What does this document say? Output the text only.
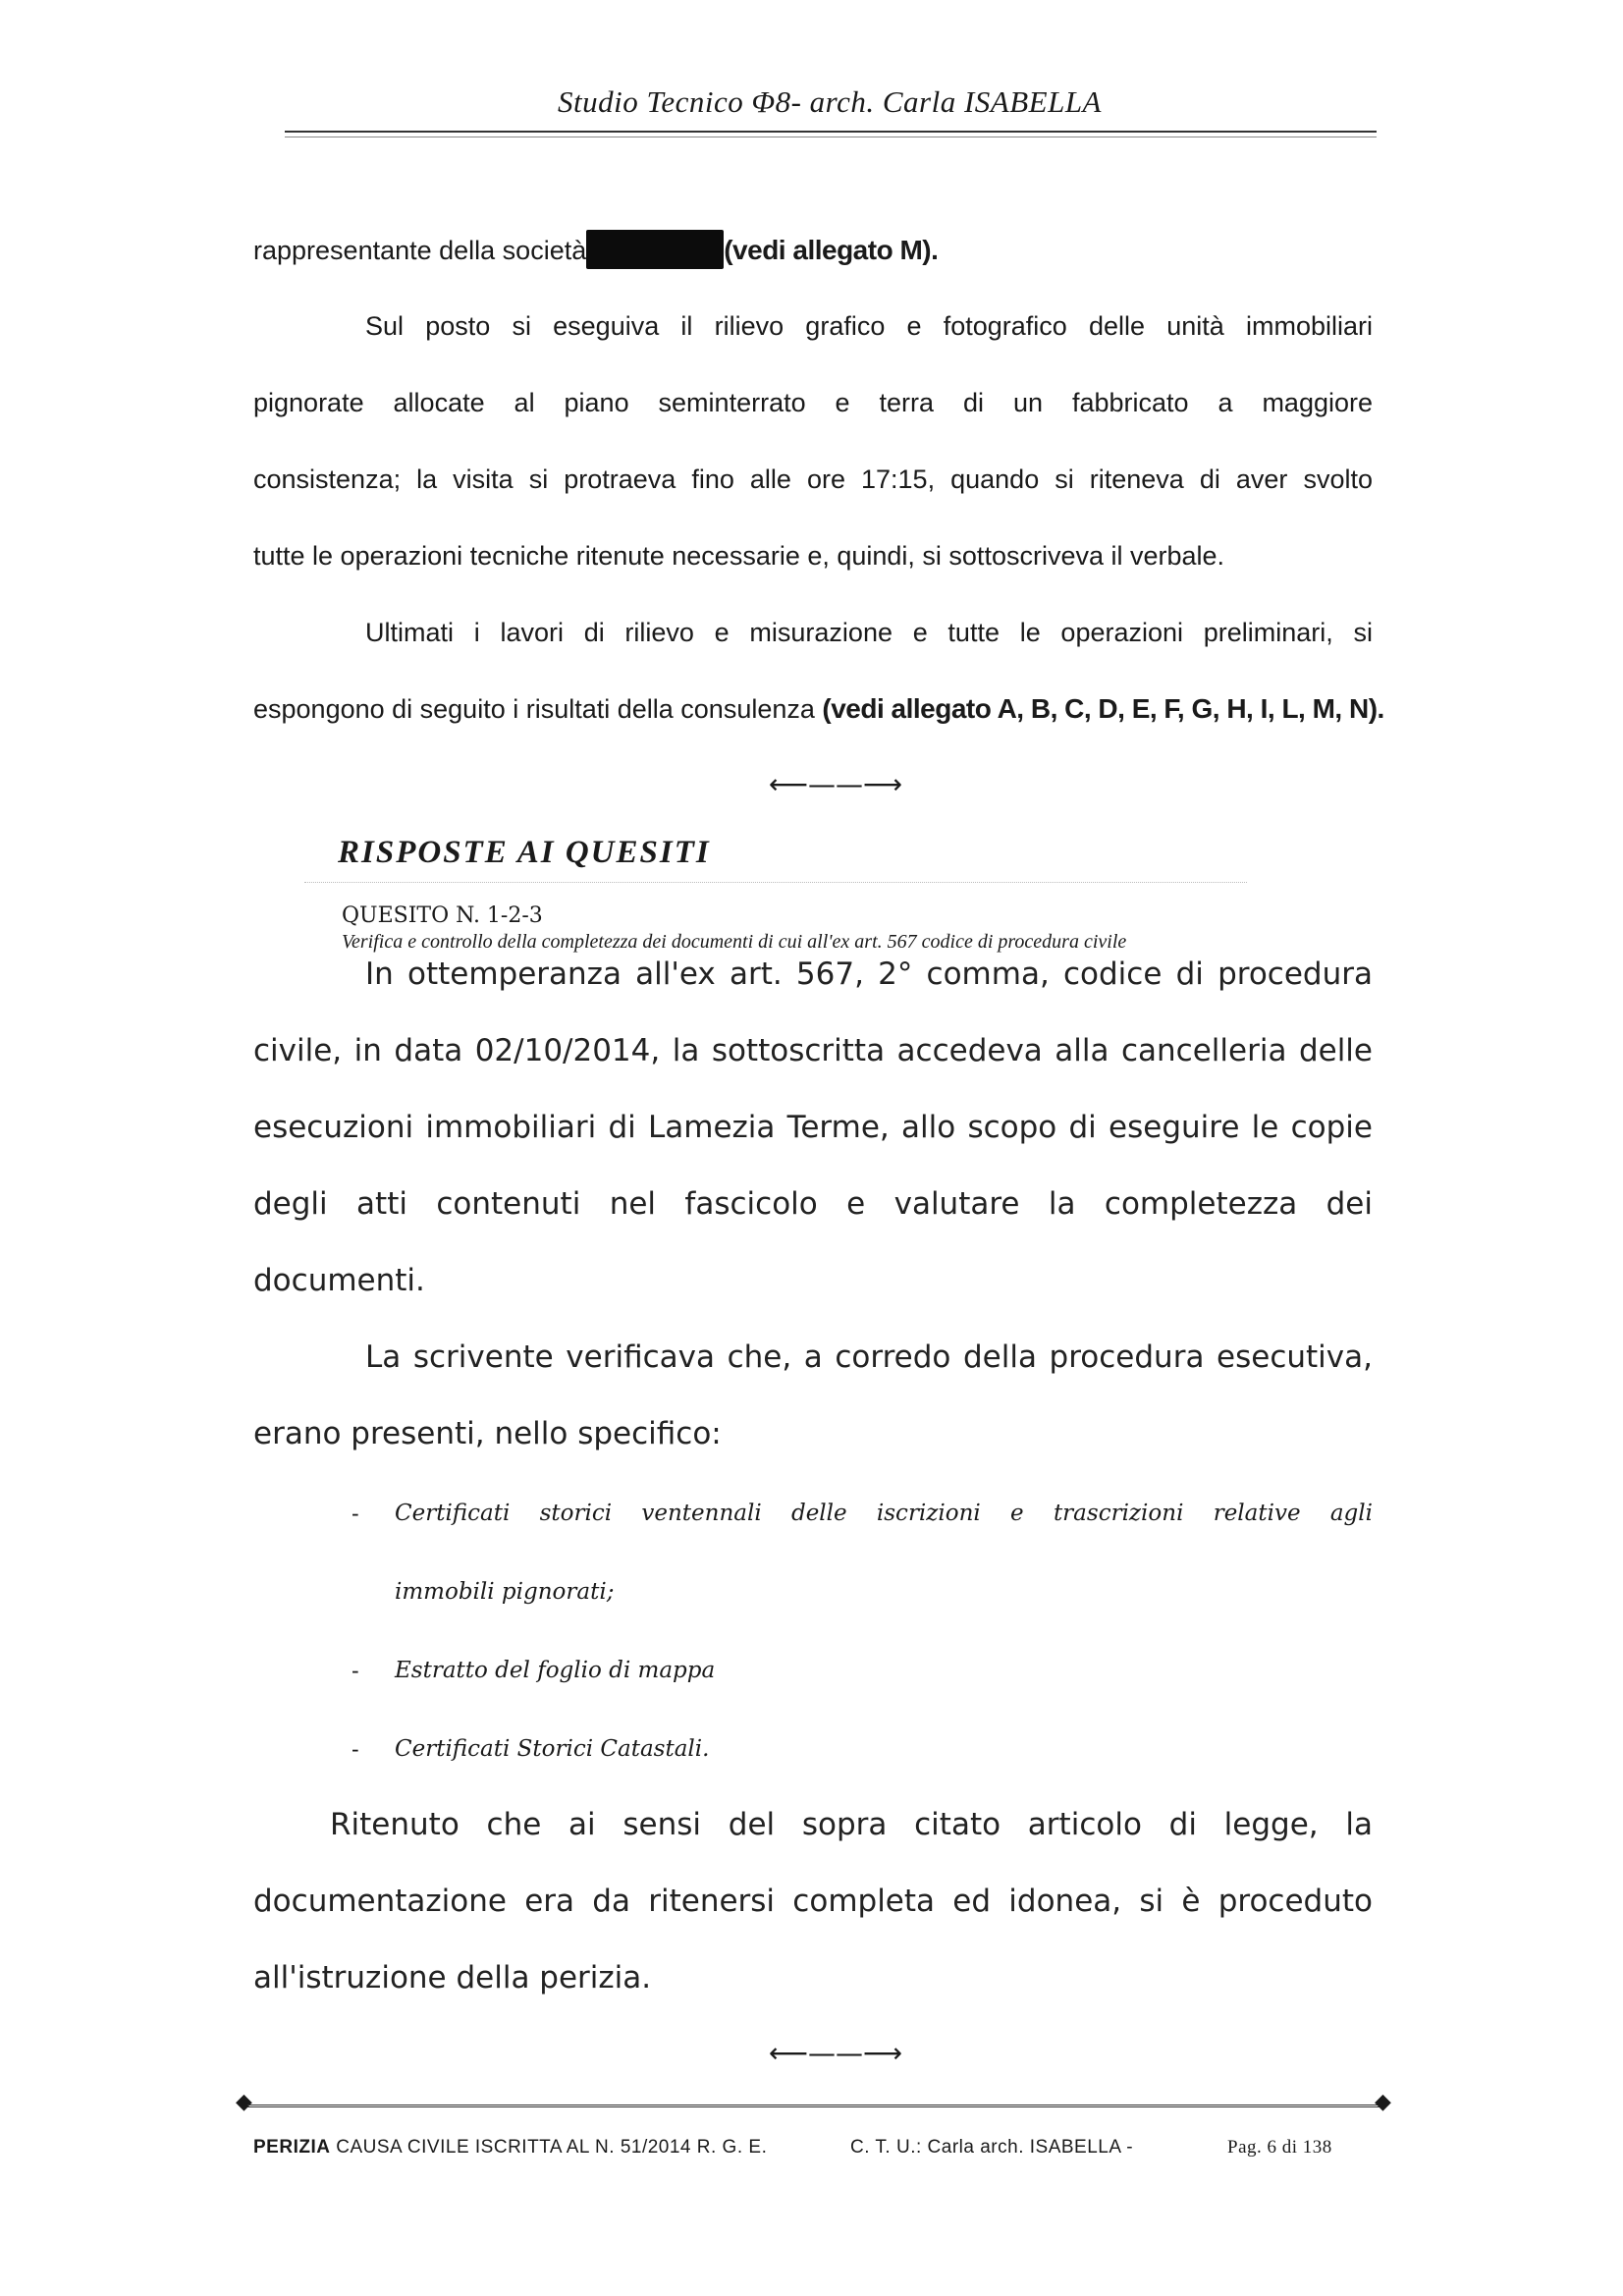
Studio Tecnico Φ8- arch. Carla ISABELLA
rappresentante della società	(vedi allegato M).
Sul posto si eseguiva il rilievo grafico e fotografico delle unità immobiliari
pignorate allocate al piano seminterrato e terra di un fabbricato a maggiore
consistenza; la visita si protraeva fino alle ore 17:15, quando si riteneva di aver svolto
tutte le operazioni tecniche ritenute necessarie e, quindi, si sottoscriveva il verbale.
Ultimati i lavori di rilievo e misurazione e tutte le operazioni preliminari, si
espongono di seguito i risultati della consulenza (vedi allegato A, B, C, D, E, F, G, H, I, L, M, N).
⟵——⟶
RISPOSTE AI QUESITI
QUESITO N. 1-2-3
Verifica e controllo della completezza dei documenti di cui all'ex art. 567 codice di procedura civile
In ottemperanza all'ex art. 567, 2° comma, codice di procedura
civile, in data 02/10/2014, la sottoscritta accedeva alla cancelleria delle
esecuzioni immobiliari di Lamezia Terme, allo scopo di eseguire le copie
degli atti contenuti nel fascicolo e valutare la completezza dei
documenti.
La scrivente verificava che, a corredo della procedura esecutiva,
erano presenti, nello specifico:
- Certificati storici ventennali delle iscrizioni e trascrizioni relative agli
immobili pignorati;
- Estratto del foglio di mappa
- Certificati Storici Catastali.
Ritenuto che ai sensi del sopra citato articolo di legge, la
documentazione era da ritenersi completa ed idonea, si è proceduto
all'istruzione della perizia.
⟵——⟶
◆	◆
PERIZIA CAUSA CIVILE ISCRITTA AL N. 51/2014 R. G. E.	C. T. U.: Carla arch. ISABELLA -	Pag. 6 di 138
